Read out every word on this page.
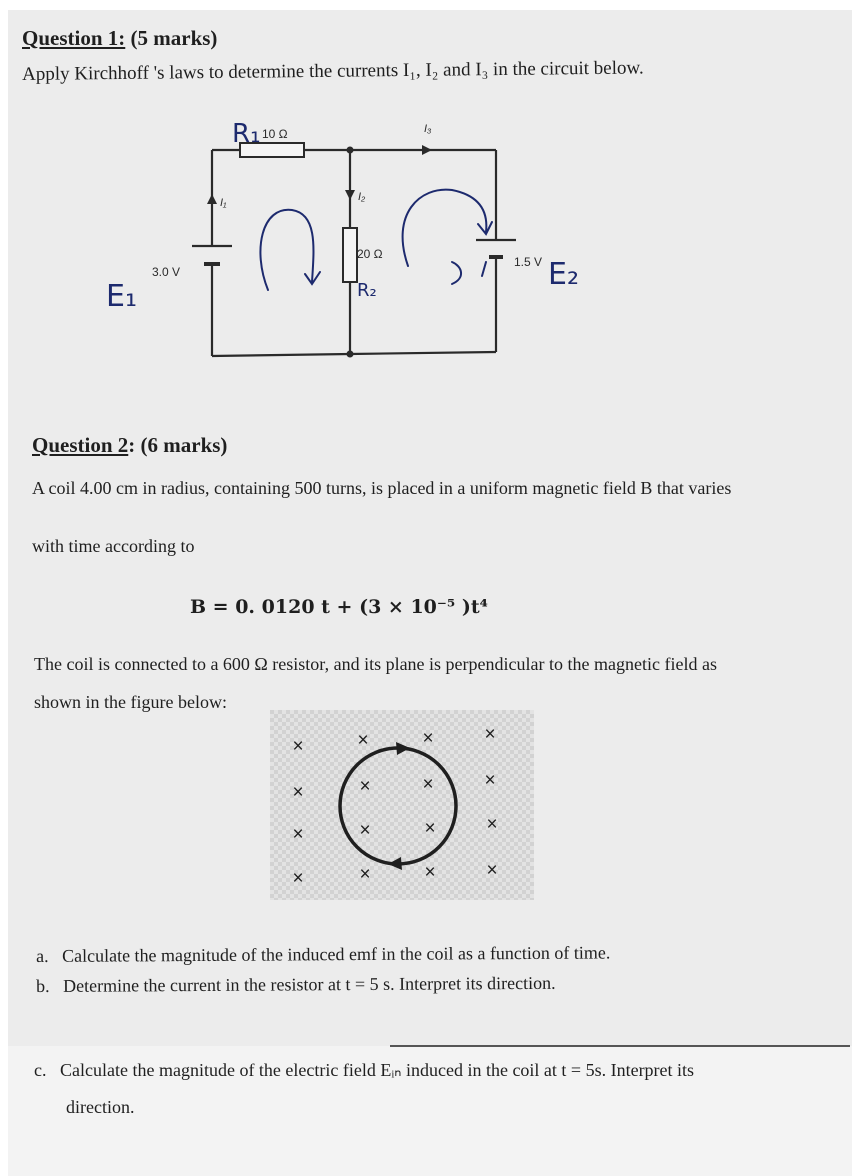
Question 1: (5 marks)
Apply Kirchhoff 's laws to determine the currents I₁, I₂ and I₃ in the circuit below.
10 Ω
20 Ω
3.0 V
1.5 V
I₁	I₂
I₃
R₁
R₂
E₁
E₂
Question 2: (6 marks)
A coil 4.00 cm in radius, containing 500 turns, is placed in a uniform magnetic field B that varies
with time according to
B = 0. 0120 t + (3 × 10⁻⁵ )t⁴
The coil is connected to a 600 Ω resistor, and its plane is perpendicular to the magnetic field as
shown in the figure below:
×	×	×	×
×	×	×	×
×	×	×	×
×	×	×	×
a. Calculate the magnitude of the induced emf in the coil as a function of time.
b. Determine the current in the resistor at t = 5 s. Interpret its direction.
c. Calculate the magnitude of the electric field Eᵢₙ induced in the coil at t = 5s. Interpret its
direction.
